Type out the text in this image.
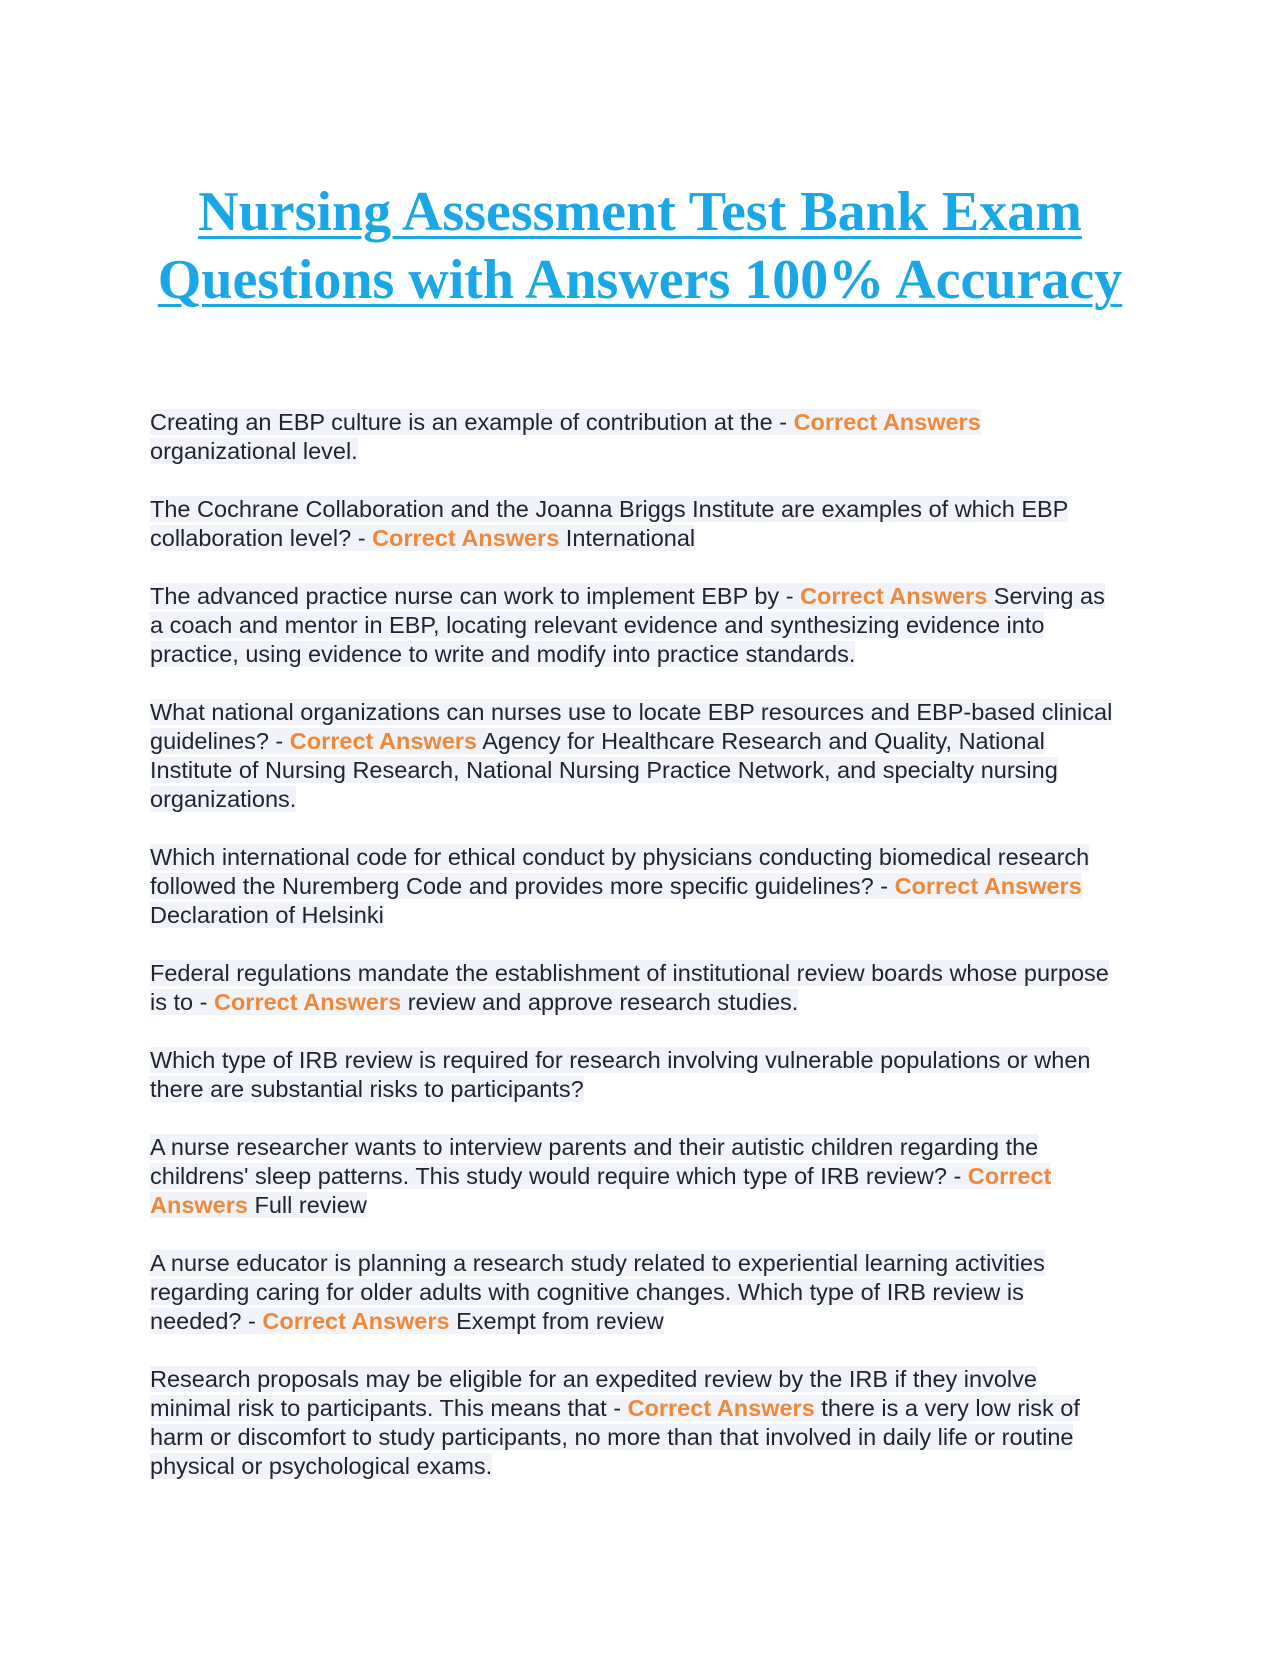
Nursing Assessment Test Bank Exam Questions with Answers 100% Accuracy

Creating an EBP culture is an example of contribution at the - Correct Answers organizational level.

The Cochrane Collaboration and the Joanna Briggs Institute are examples of which EBP collaboration level? - Correct Answers International

The advanced practice nurse can work to implement EBP by - Correct Answers Serving as a coach and mentor in EBP, locating relevant evidence and synthesizing evidence into practice, using evidence to write and modify into practice standards.

What national organizations can nurses use to locate EBP resources and EBP-based clinical guidelines? - Correct Answers Agency for Healthcare Research and Quality, National Institute of Nursing Research, National Nursing Practice Network, and specialty nursing organizations.

Which international code for ethical conduct by physicians conducting biomedical research followed the Nuremberg Code and provides more specific guidelines? - Correct Answers Declaration of Helsinki

Federal regulations mandate the establishment of institutional review boards whose purpose is to - Correct Answers review and approve research studies.

Which type of IRB review is required for research involving vulnerable populations or when there are substantial risks to participants?

A nurse researcher wants to interview parents and their autistic children regarding the childrens' sleep patterns. This study would require which type of IRB review? - Correct Answers Full review

A nurse educator is planning a research study related to experiential learning activities regarding caring for older adults with cognitive changes. Which type of IRB review is needed? - Correct Answers Exempt from review

Research proposals may be eligible for an expedited review by the IRB if they involve minimal risk to participants. This means that - Correct Answers there is a very low risk of harm or discomfort to study participants, no more than that involved in daily life or routine physical or psychological exams.
